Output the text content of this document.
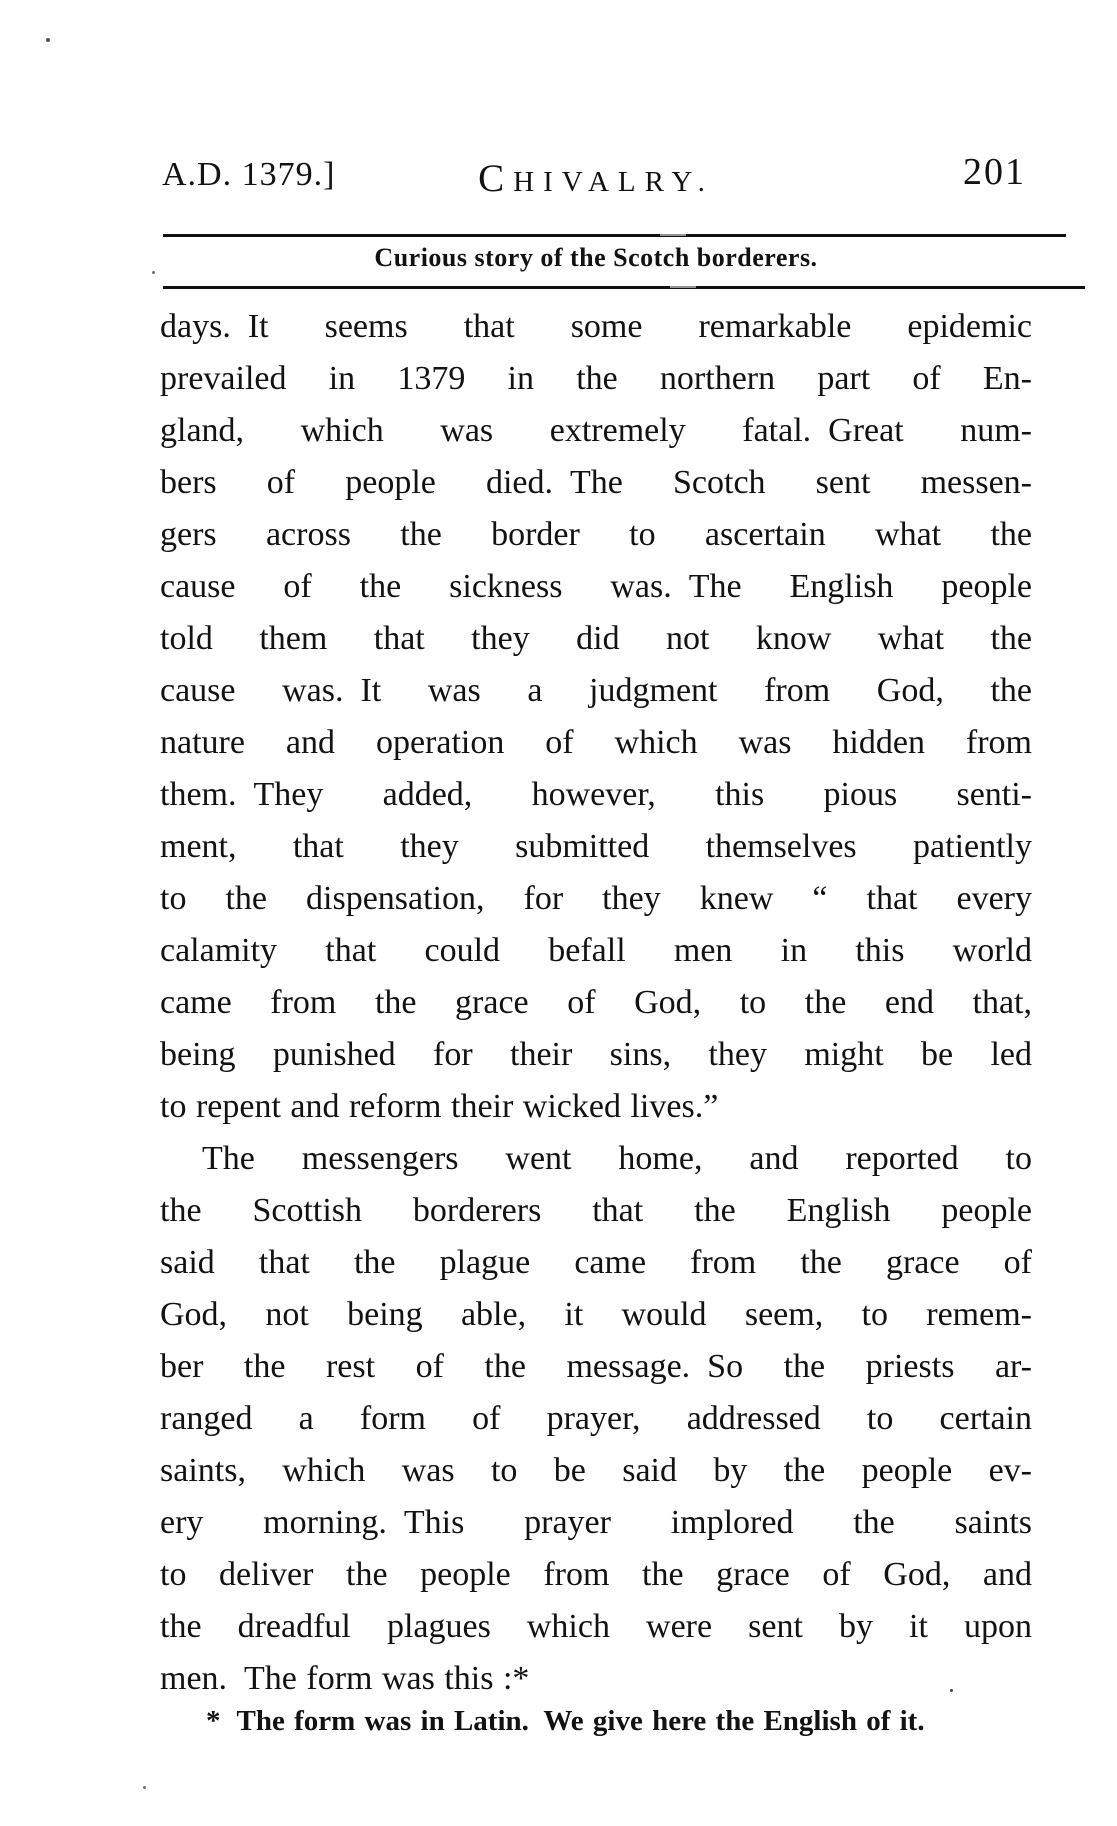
A.D. 1379.]	CHIVALRY.	201
Curious story of the Scotch borderers.
days. It seems that some remarkable epidemic
prevailed in 1379 in the northern part of En-
gland, which was extremely fatal. Great num-
bers of people died. The Scotch sent messen-
gers across the border to ascertain what the
cause of the sickness was. The English people
told them that they did not know what the
cause was. It was a judgment from God, the
nature and operation of which was hidden from
them. They added, however, this pious senti-
ment, that they submitted themselves patiently
to the dispensation, for they knew “ that every
calamity that could befall men in this world
came from the grace of God, to the end that,
being punished for their sins, they might be led
to repent and reform their wicked lives.”
The messengers went home, and reported to
the Scottish borderers that the English people
said that the plague came from the grace of
God, not being able, it would seem, to remem-
ber the rest of the message. So the priests ar-
ranged a form of prayer, addressed to certain
saints, which was to be said by the people ev-
ery morning. This prayer implored the saints
to deliver the people from the grace of God, and
the dreadful plagues which were sent by it upon
men. The form was this :*
* The form was in Latin. We give here the English of it.
